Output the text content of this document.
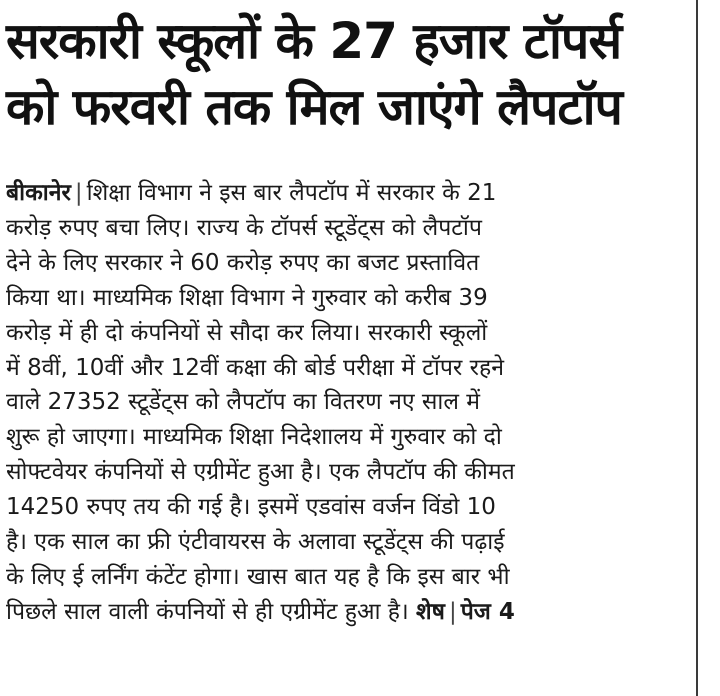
सरकारी स्कूलों के 27 हजार टॉपर्स
को फरवरी तक मिल जाएंगे लैपटॉप
बीकानेर | शिक्षा विभाग ने इस बार लैपटॉप में सरकार के 21
करोड़ रुपए बचा लिए। राज्य के टॉपर्स स्टूडेंट्स को लैपटॉप
देने के लिए सरकार ने 60 करोड़ रुपए का बजट प्रस्तावित
किया था। माध्यमिक शिक्षा विभाग ने गुरुवार को करीब 39
करोड़ में ही दो कंपनियों से सौदा कर लिया। सरकारी स्कूलों
में 8वीं, 10वीं और 12वीं कक्षा की बोर्ड परीक्षा में टॉपर रहने
वाले 27352 स्टूडेंट्स को लैपटॉप का वितरण नए साल में
शुरू हो जाएगा। माध्यमिक शिक्षा निदेशालय में गुरुवार को दो
सोफ्टवेयर कंपनियों से एग्रीमेंट हुआ है। एक लैपटॉप की कीमत
14250 रुपए तय की गई है। इसमें एडवांस वर्जन विंडो 10
है। एक साल का फ्री एंटीवायरस के अलावा स्टूडेंट्स की पढ़ाई
के लिए ई लर्निंग कंटेंट होगा। खास बात यह है कि इस बार भी
पिछले साल वाली कंपनियों से ही एग्रीमेंट हुआ है। शेष | पेज 4
